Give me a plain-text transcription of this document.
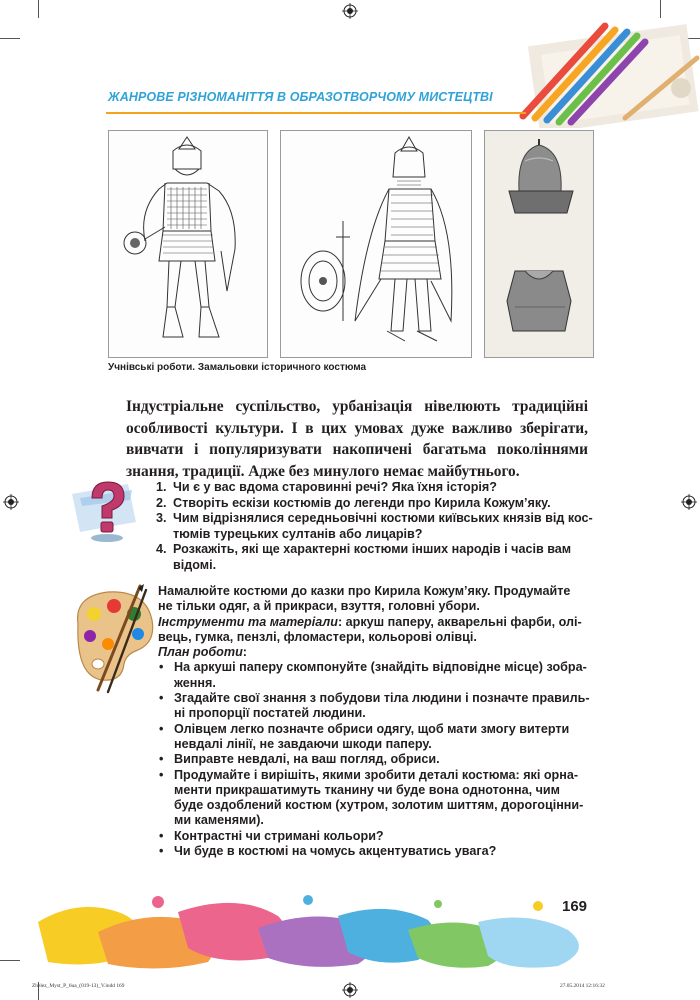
ЖАНРОВЕ РІЗНОМАНІТТЯ В ОБРАЗОТВОРЧОМУ МИСТЕЦТВІ
Учнівські роботи. Замальовки історичного костюма
Індустріальне суспільство, урбанізація нівелюють традиційні
особливості культури. І в цих умовах дуже важливо зберігати,
вивчати і популяризувати накопичені багатьма поколіннями
знання, традиції. Адже без минулого немає майбутнього.
1. Чи є у вас вдома старовинні речі? Яка їхня історія?
2. Створіть ескізи костюмів до легенди про Кирила Кожум’яку.
3. Чим відрізнялися середньовічні костюми київських князів від кос-
тюмів турецьких султанів або лицарів?
4. Розкажіть, які ще характерні костюми інших народів і часів вам
відомі.
Намалюйте костюми до казки про Кирила Кожум’яку. Продумайте
не тільки одяг, а й прикраси, взуття, головні убори.
Інструменти та матеріали: аркуш паперу, акварельні фарби, олі-
вець, гумка, пензлі, фломастери, кольорові олівці.
План роботи:
• На аркуші паперу скомпонуйте (знайдіть відповідне місце) зобра-
ження.
• Згадайте свої знання з побудови тіла людини і позначте правиль-
ні пропорції постатей людини.
• Олівцем легко позначте обриси одягу, щоб мати змогу витерти
невдалі лінії, не завдаючи шкоди паперу.
• Виправте невдалі, на ваш погляд, обриси.
• Продумайте і вирішіть, якими зробити деталі костюма: які орна-
менти прикрашатимуть тканину чи буде вона однотонна, чим
буде оздоблений костюм (хутром, золотим шиттям, дорогоцінни-
ми каменями).
• Контрастні чи стримані кольори?
• Чи буде в костюмі на чомусь акцентуватись увага?
169
Zhelez_Myst_P_6ua_(019-13)_V.indd 169	27.05.2014 12:16:32
